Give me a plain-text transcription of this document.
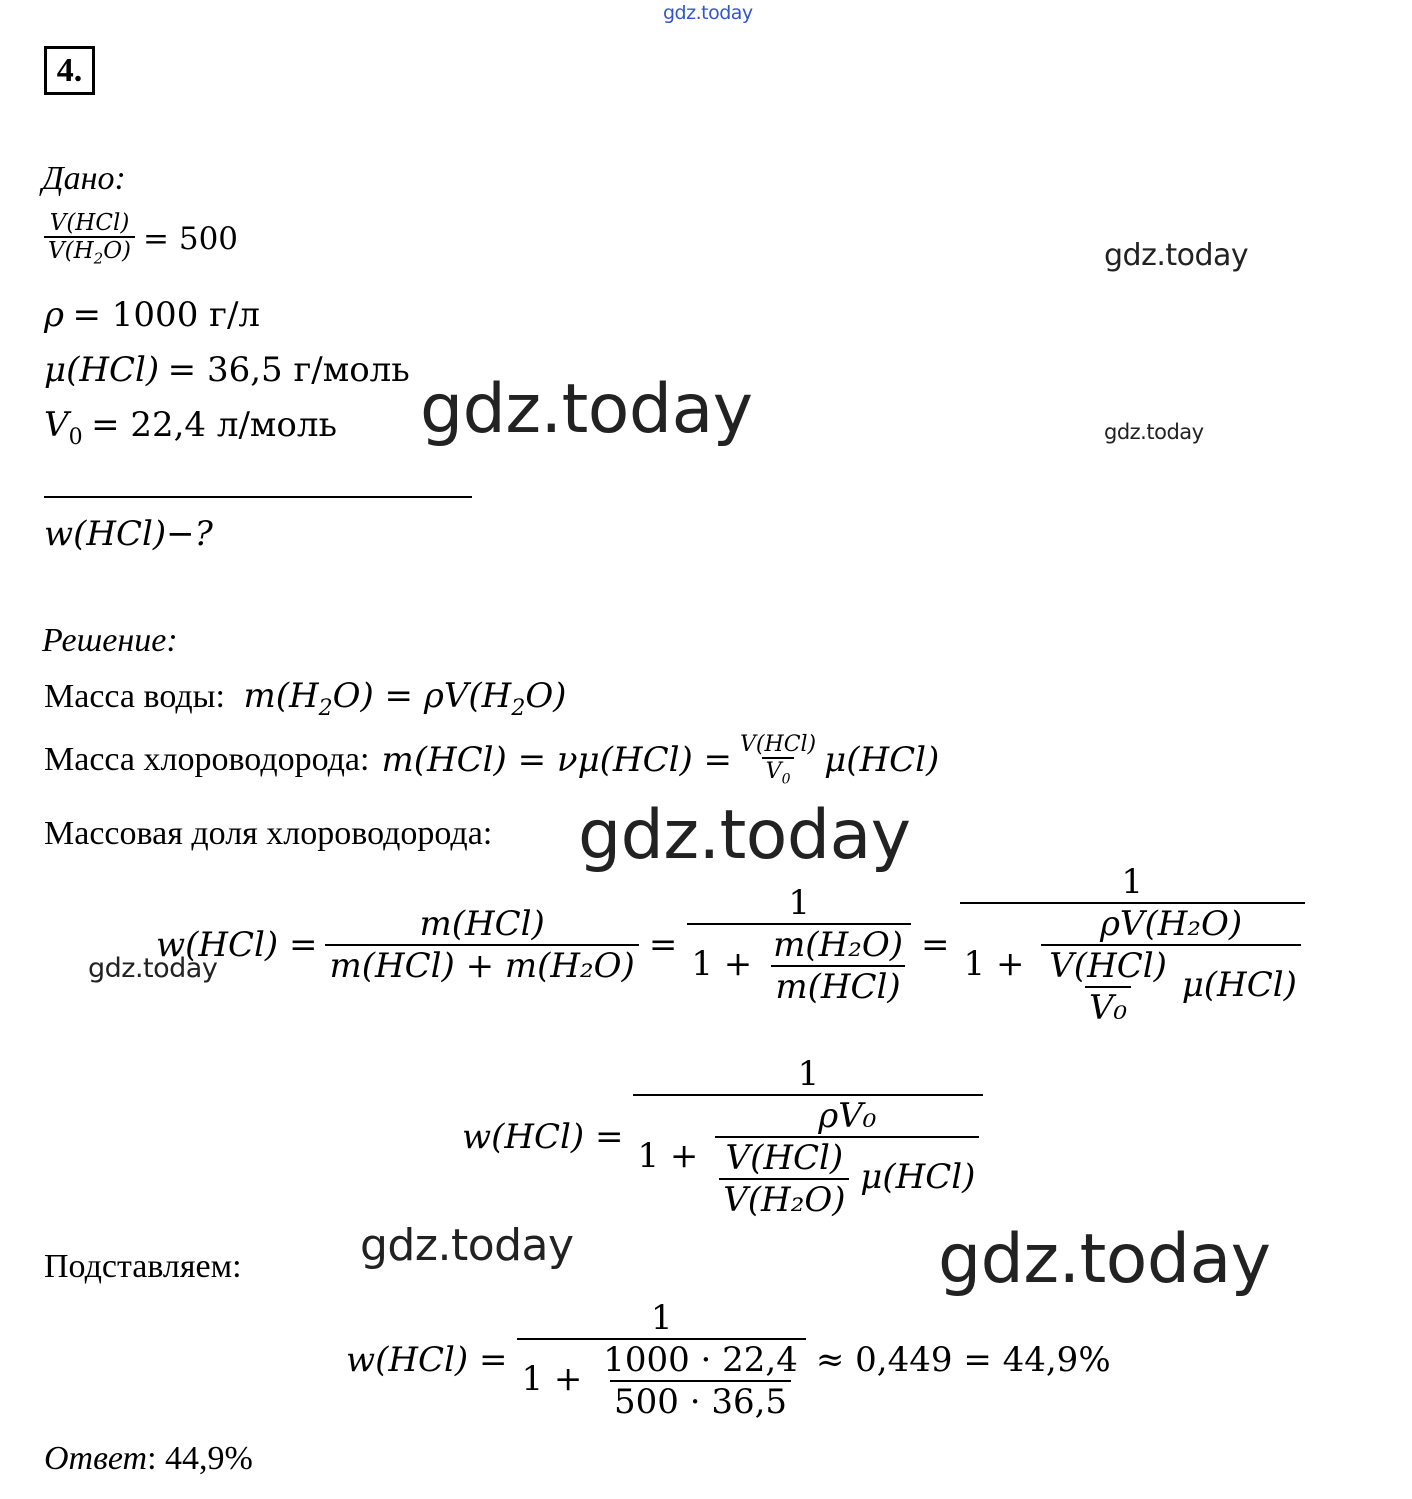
gdz.today
gdz.today
gdz.today	gdz.today
gdz.today
gdz.today
gdz.today	gdz.today
4.
Дано:
$\frac{\text{V(HCl)}}{V(H_2O)} = 500$
ρ = 1000 г/л
μ(HCl) = 36,5 г/моль
$V_0 = 22,4$ л/моль
w(HCl)−?
Решение:
Масса воды: $m(H_2O) = \rho V(H_2O)$
Масса хлороводорода: $m(HCl) = \nu\mu(HCl) = \frac{\text{V(HCl)}}{V_0} \mu(HCl)$
Массовая доля хлороводорода:
$w(HCl) = \frac{\text{m(HCl)}}{\text{m(HCl) + m(H₂O)}} = \frac{1}{1 + \frac{\text{m(H₂O)}}{\text{m(HCl)}}}$ =
1
$1 + \frac{\text{ρV(H₂O)}}{\frac{\text{V(HCl)}}{\text{V₀}} \mu(HCl)}$
w(HCl) =
1
$1 + \frac{\text{ρV₀}}{\frac{\text{V(HCl)}}{\text{V(H₂O)}} \mu(HCl)}$
Подставляем:
$w(HCl) = \frac{1}{1 + \frac{1000 \cdot 22,4}{500 \cdot 36,5}} \approx 0,449 = 44,9\%$
Ответ: 44,9%
